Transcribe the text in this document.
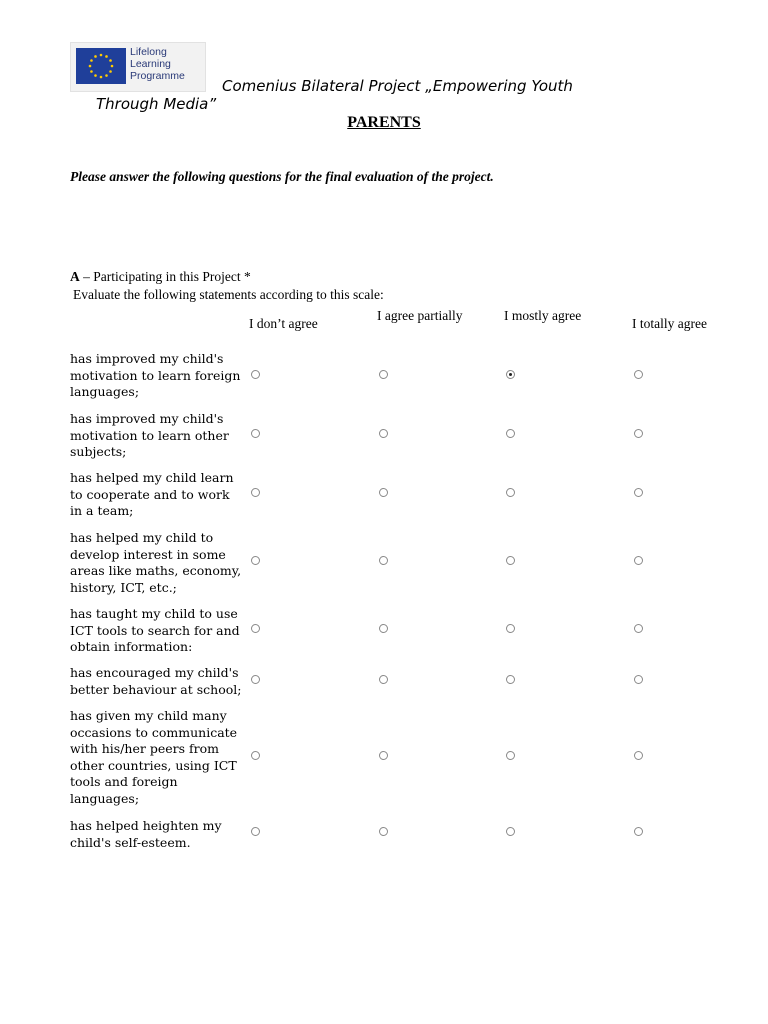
Lifelong
Learning
Programme
Comenius Bilateral Project „Empowering Youth
Through Media”
PARENTS
Please answer the following questions for the final evaluation of the project.
A – Participating in this Project *
Evaluate the following statements according to this scale:
I don’t agree
I agree partially	I mostly agree
I totally agree
has improved my child's
motivation to learn foreign
languages;
has improved my child's
motivation to learn other
subjects;
has helped my child learn
to cooperate and to work
in a team;
has helped my child to
develop interest in some
areas like maths, economy,
history, ICT, etc.;
has taught my child to use
ICT tools to search for and
obtain information:
has encouraged my child's
better behaviour at school;
has given my child many
occasions to communicate
with his/her peers from
other countries, using ICT
tools and foreign
languages;
has helped heighten my
child's self-esteem.
